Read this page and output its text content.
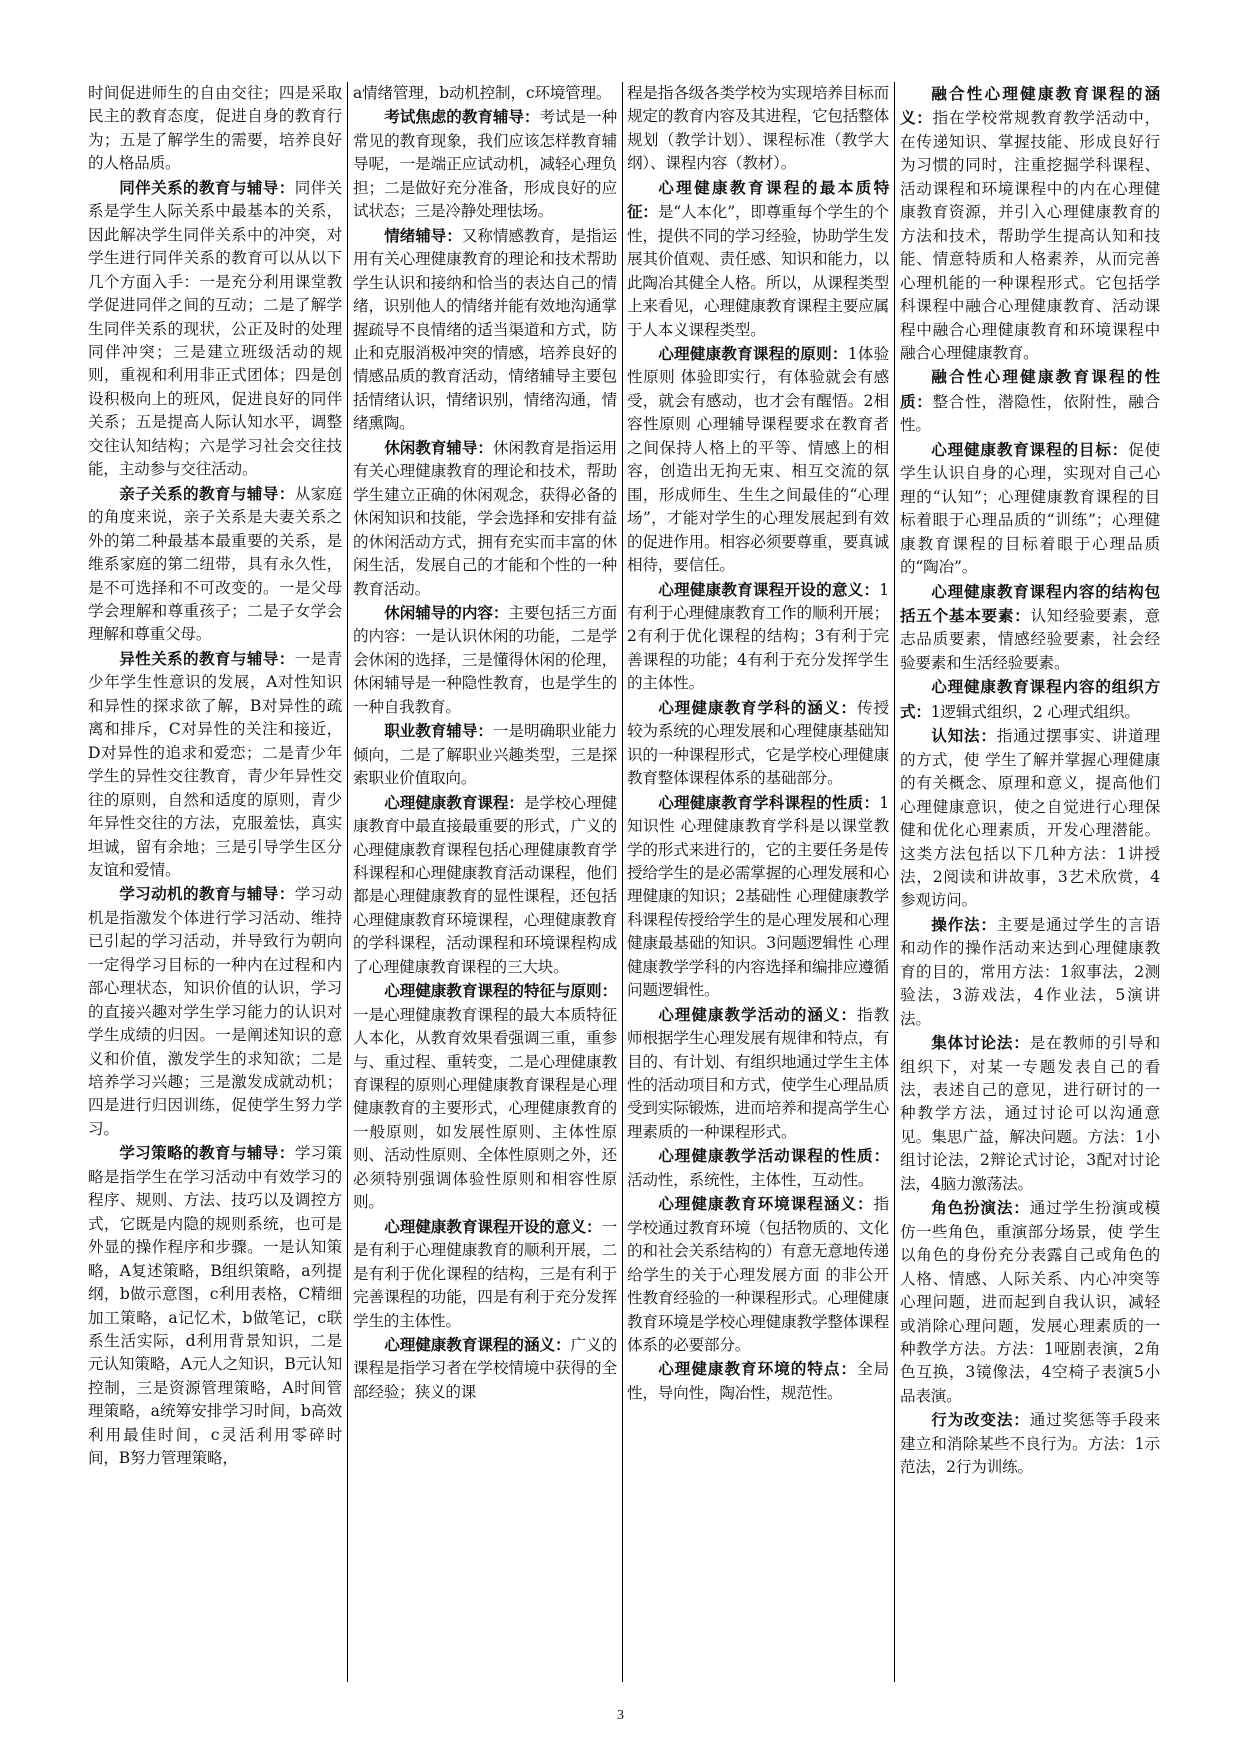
时间促进师生的自由交往；四是采取民主的教育态度，促进自身的教育行为；五是了解学生的需要，培养良好的人格品质。

同伴关系的教育与辅导：同伴关系是学生人际关系中最基本的关系，因此解决学生同伴关系中的冲突，对学生进行同伴关系的教育可以从以下几个方面入手：一是充分利用课堂教学促进同伴之间的互动；二是了解学生同伴关系的现状，公正及时的处理同伴冲突；三是建立班级活动的规则，重视和利用非正式团体；四是创设积极向上的班风，促进良好的同伴关系；五是提高人际认知水平，调整交往认知结构；六是学习社会交往技能，主动参与交往活动。

亲子关系的教育与辅导：从家庭的角度来说，亲子关系是夫妻关系之外的第二种最基本最重要的关系，是维系家庭的第二纽带，具有永久性，是不可选择和不可改变的。一是父母学会理解和尊重孩子；二是子女学会理解和尊重父母。

异性关系的教育与辅导：一是青少年学生性意识的发展，A对性知识和异性的探求欲了解，B对异性的疏离和排斥，C对异性的关注和接近，D对异性的追求和爱恋；二是青少年学生的异性交往教育，青少年异性交往的原则，自然和适度的原则，青少年异性交往的方法，克服羞怯，真实坦诚，留有余地；三是引导学生区分友谊和爱情。

学习动机的教育与辅导：学习动机是指激发个体进行学习活动、维持已引起的学习活动，并导致行为朝向一定得学习目标的一种内在过程和内部心理状态，知识价值的认识，学习的直接兴趣对学生学习能力的认识对学生成绩的归因。一是阐述知识的意义和价值，激发学生的求知欲；二是培养学习兴趣；三是激发成就动机；四是进行归因训练，促使学生努力学习。

学习策略的教育与辅导：学习策略是指学生在学习活动中有效学习的程序、规则、方法、技巧以及调控方式，它既是内隐的规则系统，也可是外显的操作程序和步骤。一是认知策略，A复述策略，B组织策略，a列提纲，b做示意图，c利用表格，C精细加工策略，a记忆术，b做笔记，c联系生活实际，d利用背景知识，二是元认知策略，A元人之知识，B元认知控制，三是资源管理策略，A时间管理策略，a统筹安排学习时间，b高效利用最佳时间，c灵活利用零碎时间，B努力管理策略，

a情绪管理，b动机控制，c环境管理。

考试焦虑的教育辅导：考试是一种常见的教育现象，我们应该怎样教育辅导呢，一是端正应试动机，减轻心理负担；二是做好充分准备，形成良好的应试状态；三是冷静处理怯场。

情绪辅导：又称情感教育，是指运用有关心理健康教育的理论和技术帮助学生认识和接纳和恰当的表达自己的情绪，识别他人的情绪并能有效地沟通掌握疏导不良情绪的适当渠道和方式，防止和克服消极冲突的情感，培养良好的情感品质的教育活动，情绪辅导主要包括情绪认识，情绪识别，情绪沟通，情绪熏陶。

休闲教育辅导：休闲教育是指运用有关心理健康教育的理论和技术，帮助学生建立正确的休闲观念，获得必备的休闲知识和技能，学会选择和安排有益的休闲活动方式，拥有充实而丰富的休闲生活，发展自己的才能和个性的一种教育活动。

休闲辅导的内容：主要包括三方面的内容：一是认识休闲的功能，二是学会休闲的选择，三是懂得休闲的伦理，休闲辅导是一种隐性教育，也是学生的一种自我教育。

职业教育辅导：一是明确职业能力倾向，二是了解职业兴趣类型，三是探索职业价值取向。

心理健康教育课程：是学校心理健康教育中最直接最重要的形式，广义的心理健康教育课程包括心理健康教育学科课程和心理健康教育活动课程，他们都是心理健康教育的显性课程，还包括心理健康教育环境课程，心理健康教育的学科课程，活动课程和环境课程构成了心理健康教育课程的三大块。

心理健康教育课程的特征与原则：一是心理健康教育课程的最大本质特征人本化，从教育效果看强调三重，重参与、重过程、重转变，二是心理健康教育课程的原则心理健康教育课程是心理健康教育的主要形式，心理健康教育的一般原则，如发展性原则、主体性原则、活动性原则、全体性原则之外，还必须特别强调体验性原则和相容性原则。

心理健康教育课程开设的意义：一是有利于心理健康教育的顺利开展，二是有利于优化课程的结构，三是有利于完善课程的功能，四是有利于充分发挥学生的主体性。

心理健康教育课程的涵义：广义的课程是指学习者在学校情境中获得的全部经验；狭义的课

程是指各级各类学校为实现培养目标而规定的教育内容及其进程，它包括整体规划（教学计划）、课程标准（教学大纲）、课程内容（教材）。

心理健康教育课程的最本质特征：是“人本化”，即尊重每个学生的个性，提供不同的学习经验，协助学生发展其价值观、责任感、知识和能力，以此陶冶其健全人格。所以，从课程类型上来看见，心理健康教育课程主要应属于人本义课程类型。

心理健康教育课程的原则：1体验性原则 体验即实行，有体验就会有感受，就会有感动，也才会有醒悟。2相容性原则 心理辅导课程要求在教育者之间保持人格上的平等、情感上的相容，创造出无拘无束、相互交流的氛围，形成师生、生生之间最佳的“心理场”，才能对学生的心理发展起到有效的促进作用。相容必须要尊重，要真诚相待，要信任。

心理健康教育课程开设的意义：1有利于心理健康教育工作的顺利开展；2有利于优化课程的结构；3有利于完善课程的功能；4有利于充分发挥学生的主体性。

心理健康教育学科的涵义：传授较为系统的心理发展和心理健康基础知识的一种课程形式，它是学校心理健康教育整体课程体系的基础部分。

心理健康教育学科课程的性质：1知识性 心理健康教育学科是以课堂教学的形式来进行的，它的主要任务是传授给学生的是必需掌握的心理发展和心理健康的知识；2基础性 心理健康教学科课程传授给学生的是心理发展和心理健康最基础的知识。3问题逻辑性 心理健康教学学科的内容选择和编排应遵循问题逻辑性。

心理健康教学活动的涵义：指教师根据学生心理发展有规律和特点，有目的、有计划、有组织地通过学生主体性的活动项目和方式，使学生心理品质受到实际锻炼，进而培养和提高学生心理素质的一种课程形式。

心理健康教学活动课程的性质：活动性，系统性，主体性，互动性。

心理健康教育环境课程涵义：指学校通过教育环境（包括物质的、文化的和社会关系结构的）有意无意地传递给学生的关于心理发展方面 的非公开性教育经验的一种课程形式。心理健康教育环境是学校心理健康教学整体课程体系的必要部分。

心理健康教育环境的特点：全局性，导向性，陶冶性，规范性。

融合性心理健康教育课程的涵义：指在学校常规教育教学活动中，在传递知识、掌握技能、形成良好行为习惯的同时，注重挖掘学科课程、活动课程和环境课程中的内在心理健康教育资源，并引入心理健康教育的方法和技术，帮助学生提高认知和技能、情意特质和人格素养，从而完善心理机能的一种课程形式。它包括学科课程中融合心理健康教育、活动课程中融合心理健康教育和环境课程中融合心理健康教育。

融合性心理健康教育课程的性质：整合性，潜隐性，依附性，融合性。

心理健康教育课程的目标：促使学生认识自身的心理，实现对自己心理的“认知”；心理健康教育课程的目标着眼于心理品质的“训练”；心理健康教育课程的目标着眼于心理品质的“陶冶”。

心理健康教育课程内容的结构包括五个基本要素：认知经验要素，意志品质要素，情感经验要素，社会经验要素和生活经验要素。

心理健康教育课程内容的组织方式：1逻辑式组织，2 心理式组织。

认知法：指通过摆事实、讲道理的方式，使 学生了解并掌握心理健康的有关概念、原理和意义，提高他们心理健康意识，使之自觉进行心理保健和优化心理素质，开发心理潜能。这类方法包括以下几种方法：1讲授法，2阅读和讲故事，3艺术欣赏，4参观访问。

操作法：主要是通过学生的言语和动作的操作活动来达到心理健康教育的目的，常用方法：1叙事法，2测验法，3游戏法，4作业法，5演讲法。

集体讨论法：是在教师的引导和组织下，对某一专题发表自己的看法，表述自己的意见，进行研讨的一种教学方法，通过讨论可以沟通意见。集思广益，解决问题。方法：1小组讨论法，2辩论式讨论，3配对讨论法，4脑力激荡法。

角色扮演法：通过学生扮演或模仿一些角色，重演部分场景，使 学生以角色的身份充分表露自己或角色的人格、情感、人际关系、内心冲突等心理问题，进而起到自我认识，减轻或消除心理问题，发展心理素质的一种教学方法。方法：1哑剧表演，2角色互换，3镜像法，4空椅子表演5小品表演。

行为改变法：通过奖惩等手段来建立和消除某些不良行为。方法：1示范法，2行为训练。

3
